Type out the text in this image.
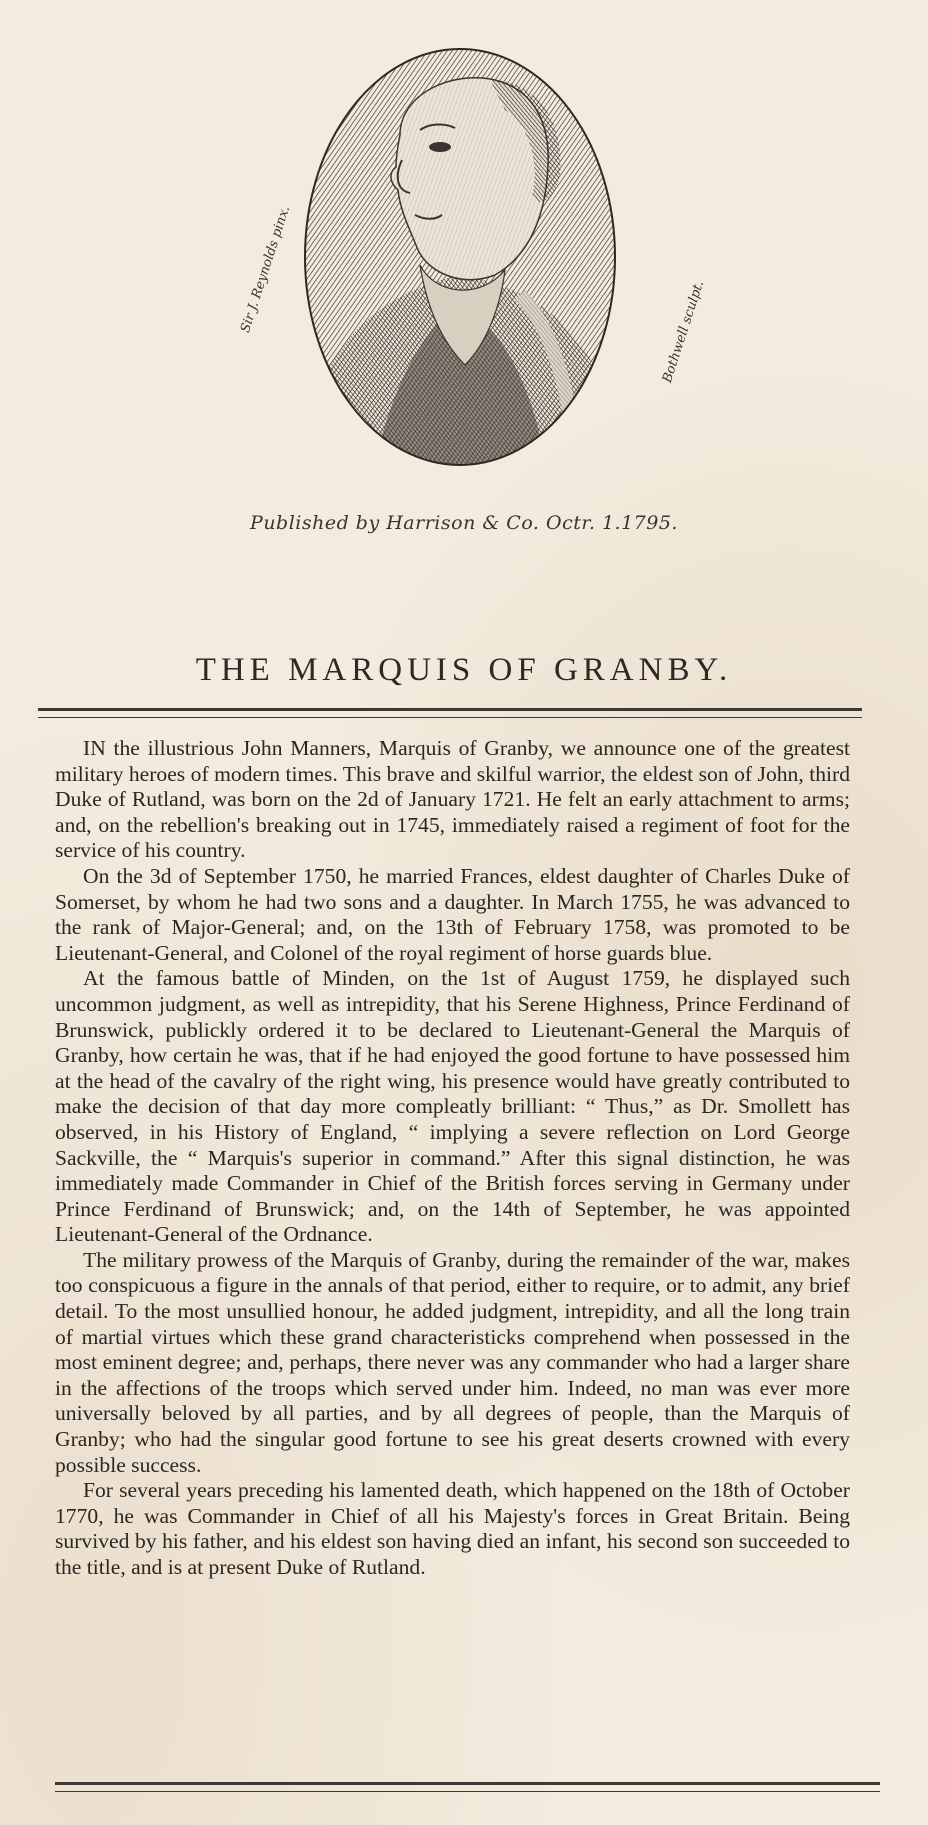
Sir J. Reynolds pinx.	Bothwell sculpt.
Published by Harrison & Co. Octr. 1.1795.
THE MARQUIS OF GRANBY.

IN the illustrious John Manners, Marquis of Granby, we announce one of the greatest military heroes of modern times. This brave and skilful warrior, the eldest son of John, third Duke of Rutland, was born on the 2d of January 1721. He felt an early attachment to arms; and, on the rebellion's breaking out in 1745, immediately raised a regiment of foot for the service of his country.

On the 3d of September 1750, he married Frances, eldest daughter of Charles Duke of Somerset, by whom he had two sons and a daughter. In March 1755, he was advanced to the rank of Major-General; and, on the 13th of February 1758, was promoted to be Lieutenant-General, and Colonel of the royal regiment of horse guards blue.

At the famous battle of Minden, on the 1st of August 1759, he displayed such uncommon judgment, as well as intrepidity, that his Serene Highness, Prince Ferdinand of Brunswick, publickly ordered it to be declared to Lieutenant-General the Marquis of Granby, how certain he was, that if he had enjoyed the good fortune to have possessed him at the head of the cavalry of the right wing, his presence would have greatly contributed to make the decision of that day more compleatly brilliant: “ Thus,” as Dr. Smollett has observed, in his History of England, “ implying a severe reflection on Lord George Sackville, the “ Marquis's superior in command.” After this signal distinction, he was immediately made Commander in Chief of the British forces serving in Germany under Prince Ferdinand of Brunswick; and, on the 14th of September, he was appointed Lieutenant-General of the Ordnance.

The military prowess of the Marquis of Granby, during the remainder of the war, makes too conspicuous a figure in the annals of that period, either to require, or to admit, any brief detail. To the most unsullied honour, he added judgment, intrepidity, and all the long train of martial virtues which these grand characteristicks comprehend when possessed in the most eminent degree; and, perhaps, there never was any commander who had a larger share in the affections of the troops which served under him. Indeed, no man was ever more universally beloved by all parties, and by all degrees of people, than the Marquis of Granby; who had the singular good fortune to see his great deserts crowned with every possible success.

For several years preceding his lamented death, which happened on the 18th of October 1770, he was Commander in Chief of all his Majesty's forces in Great Britain. Being survived by his father, and his eldest son having died an infant, his second son succeeded to the title, and is at present Duke of Rutland.
